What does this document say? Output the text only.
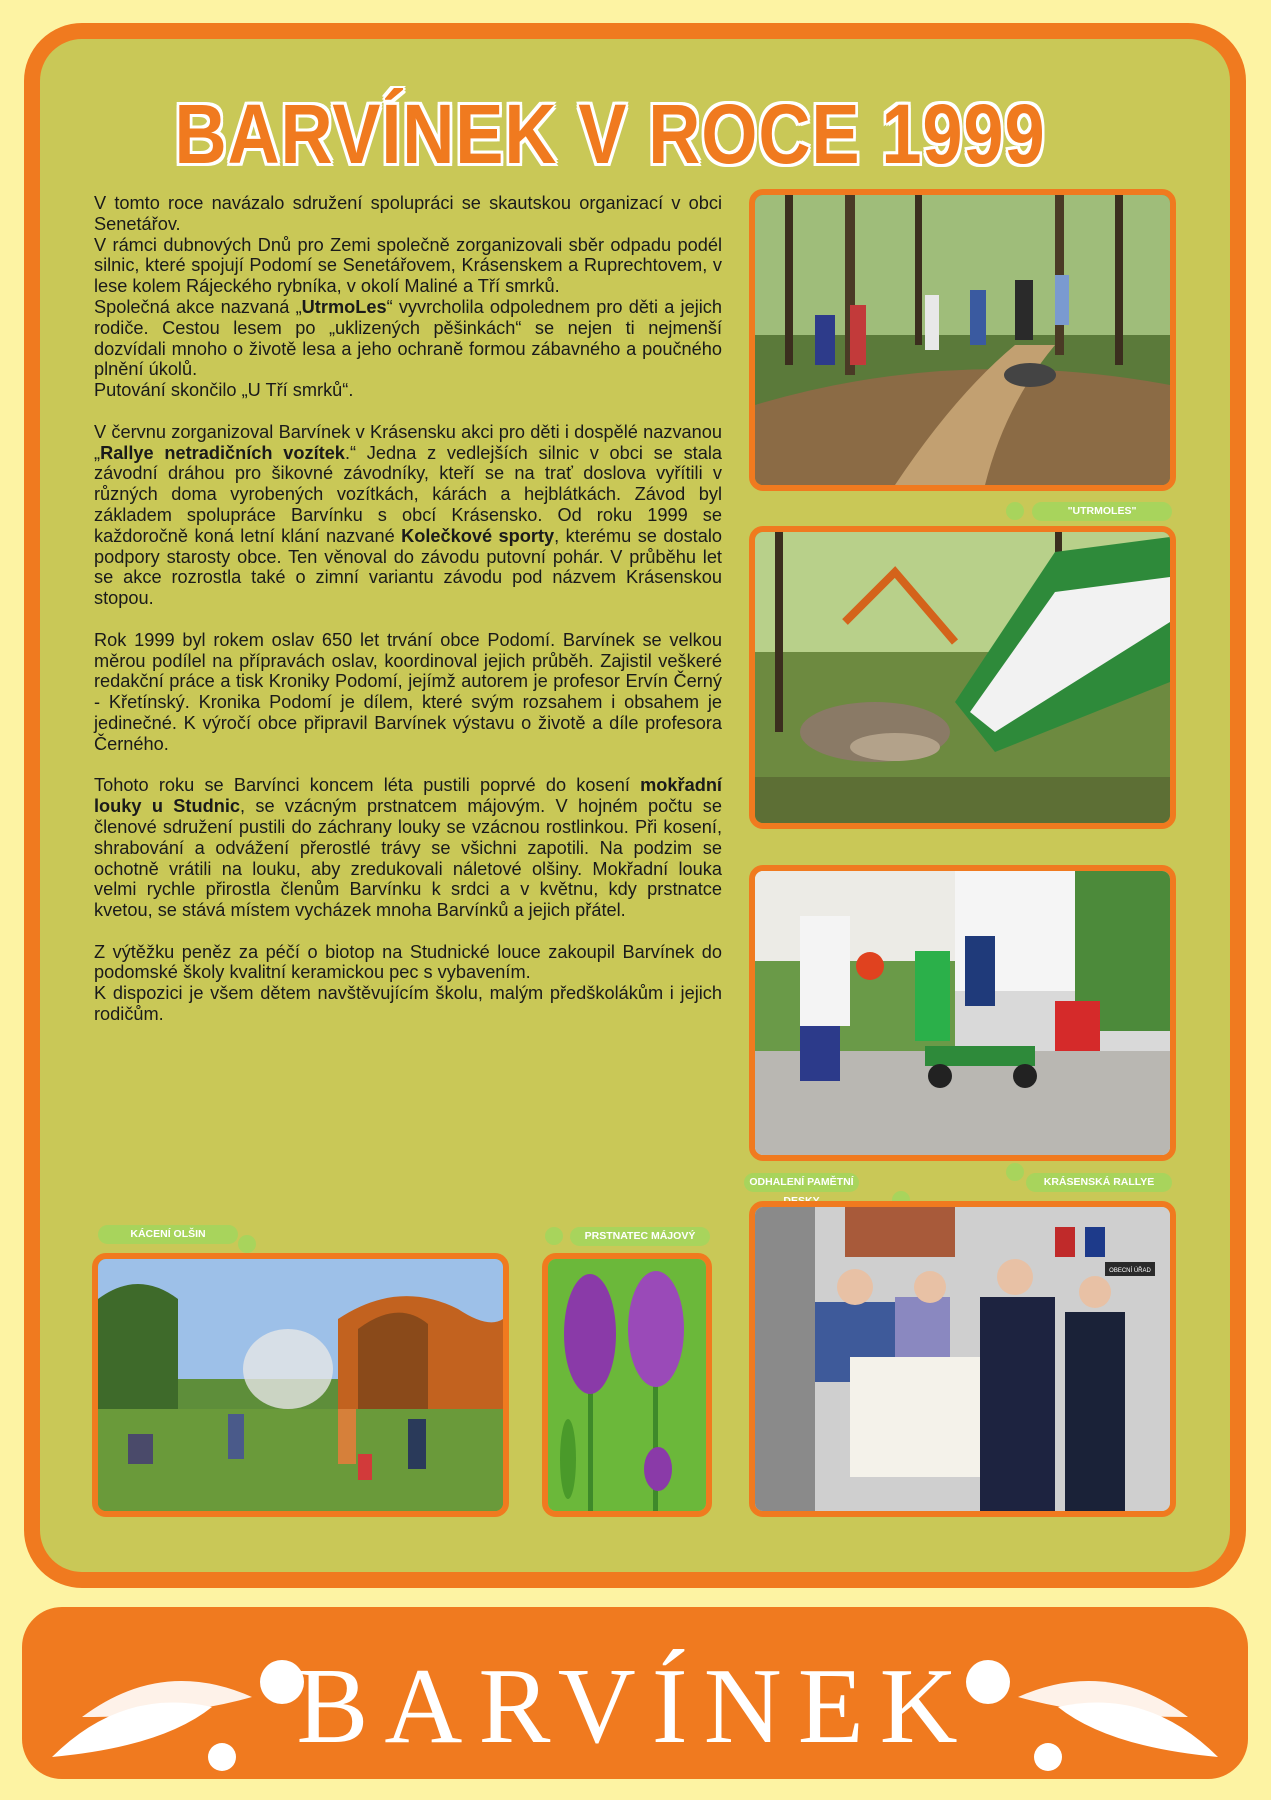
BARVÍNEK V ROCE 1999

V tomto roce navázalo sdružení spolupráci se skautskou organizací v obci Senetářov.

V rámci dubnových Dnů pro Zemi společně zorganizovali sběr odpadu podél silnic, které spojují Podomí se Senetářovem, Krásenskem a Ruprechtovem, v lese kolem Rájeckého rybníka, v okolí Maliné a Tří smrků.

Společná akce nazvaná „UtrmoLes“ vyvrcholila odpolednem pro děti a jejich rodiče. Cestou lesem po „uklizených pěšinkách“ se nejen ti nejmenší dozvídali mnoho o životě lesa a jeho ochraně formou zábavného a poučného plnění úkolů.

Putování skončilo „U Tří smrků“.

V červnu zorganizoval Barvínek v Krásensku akci pro děti i dospělé nazvanou „Rallye netradičních vozítek.“ Jedna z vedlejších silnic v obci se stala závodní dráhou pro šikovné závodníky, kteří se na trať doslova vyřítili v různých doma vyrobených vozítkách, kárách a hejblátkách. Závod byl základem spolupráce Barvínku s obcí Krásensko. Od roku 1999 se každoročně koná letní klání nazvané Kolečkové sporty, kterému se dostalo podpory starosty obce. Ten věnoval do závodu putovní pohár. V průběhu let se akce rozrostla také o zimní variantu závodu pod názvem Krásenskou stopou.

Rok 1999 byl rokem oslav 650 let trvání obce Podomí. Barvínek se velkou měrou podílel na přípravách oslav, koordinoval jejich průběh. Zajistil veškeré redakční práce a tisk Kroniky Podomí, jejímž autorem je profesor Ervín Černý - Křetínský. Kronika Podomí je dílem, které svým rozsahem i obsahem je jedinečné. K výročí obce připravil Barvínek výstavu o životě a díle profesora Černého.

Tohoto roku se Barvínci koncem léta pustili poprvé do kosení mokřadní louky u Studnic, se vzácným prstnatcem májovým. V hojném počtu se členové sdružení pustili do záchrany louky se vzácnou rostlinkou. Při kosení, shrabování a odvážení přerostlé trávy se všichni zapotili. Na podzim se ochotně vrátili na louku, aby zredukovali náletové olšiny. Mokřadní louka velmi rychle přirostla členům Barvínku k srdci a v květnu, kdy prstnatce kvetou, se stává místem vycházek mnoha Barvínků a jejich přátel.

Z výtěžku peněz za péčí o biotop na Studnické louce zakoupil Barvínek do podomské školy kvalitní keramickou pec s vybavením.

K dispozici je všem dětem navštěvujícím školu, malým předškolákům i jejich rodičům.

"UTRMOLES"
ODHALENÍ PAMĚTNÍ DESKY
KRÁSENSKÁ RALLYE
OBECNÍ ÚŘAD
KÁCENÍ OLŠIN	PRSTNATEC MÁJOVÝ
BARVÍNEK
